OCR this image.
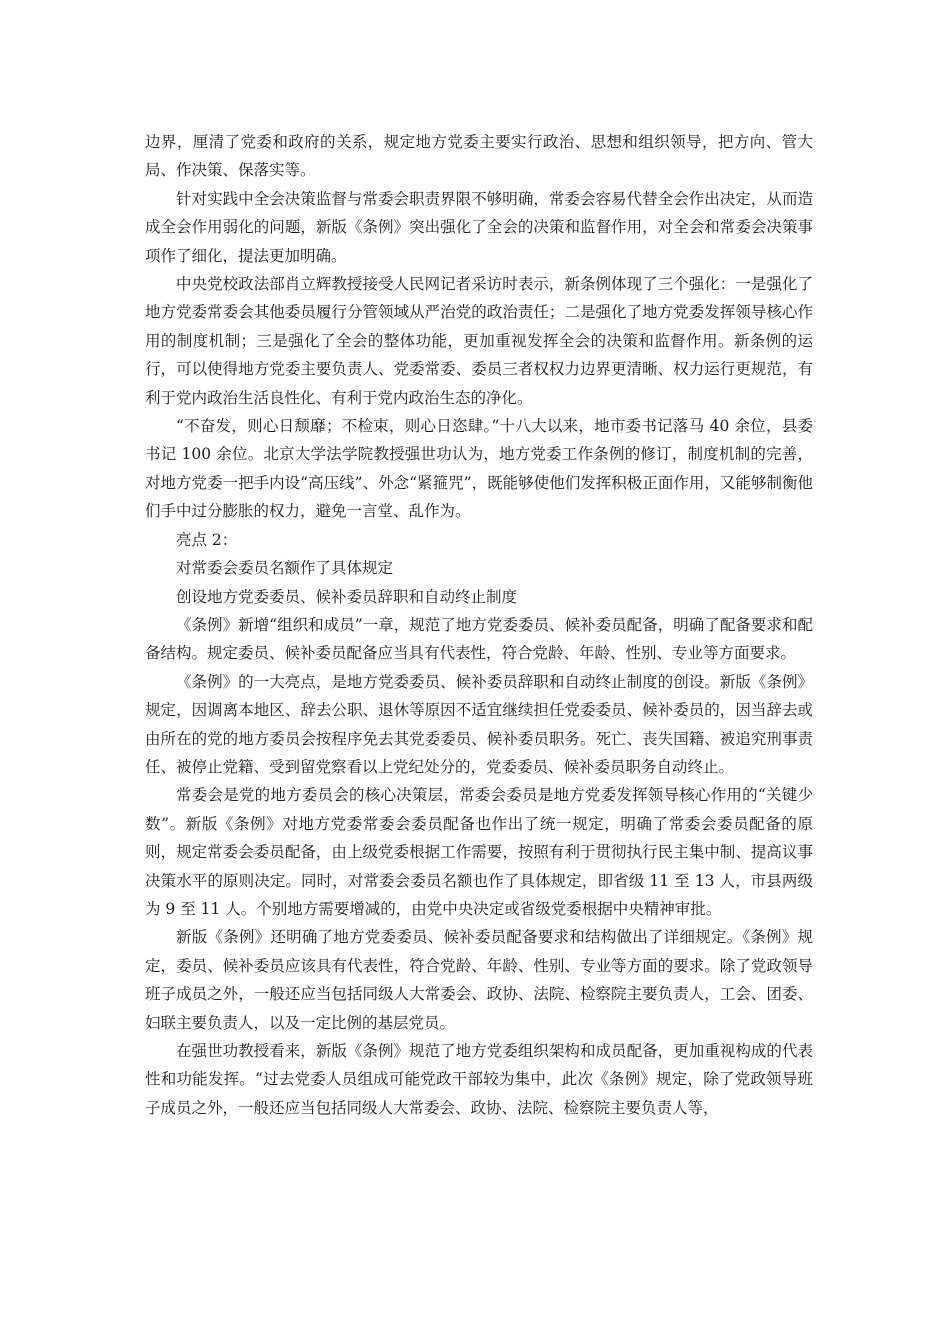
边界，厘清了党委和政府的关系，规定地方党委主要实行政治、思想和组织领导，把方向、管大局、作决策、保落实等。

针对实践中全会决策监督与常委会职责界限不够明确，常委会容易代替全会作出决定，从而造成全会作用弱化的问题，新版《条例》突出强化了全会的决策和监督作用，对全会和常委会决策事项作了细化，提法更加明确。

中央党校政法部肖立辉教授接受人民网记者采访时表示，新条例体现了三个强化：一是强化了地方党委常委会其他委员履行分管领域从严治党的政治责任；二是强化了地方党委发挥领导核心作用的制度机制；三是强化了全会的整体功能，更加重视发挥全会的决策和监督作用。新条例的运行，可以使得地方党委主要负责人、党委常委、委员三者权权力边界更清晰、权力运行更规范，有利于党内政治生活良性化、有利于党内政治生态的净化。

“不奋发，则心日颓靡；不检束，则心日恣肆。”十八大以来，地市委书记落马 40 余位，县委书记 100 余位。北京大学法学院教授强世功认为，地方党委工作条例的修订，制度机制的完善，对地方党委一把手内设“高压线”、外念“紧箍咒”，既能够使他们发挥积极正面作用，又能够制衡他们手中过分膨胀的权力，避免一言堂、乱作为。

亮点 2：

对常委会委员名额作了具体规定

创设地方党委委员、候补委员辞职和自动终止制度

《条例》新增“组织和成员”一章，规范了地方党委委员、候补委员配备，明确了配备要求和配备结构。规定委员、候补委员配备应当具有代表性，符合党龄、年龄、性别、专业等方面要求。

《条例》的一大亮点，是地方党委委员、候补委员辞职和自动终止制度的创设。新版《条例》规定，因调离本地区、辞去公职、退休等原因不适宜继续担任党委委员、候补委员的，因当辞去或由所在的党的地方委员会按程序免去其党委委员、候补委员职务。死亡、丧失国籍、被追究刑事责任、被停止党籍、受到留党察看以上党纪处分的，党委委员、候补委员职务自动终止。

常委会是党的地方委员会的核心决策层，常委会委员是地方党委发挥领导核心作用的“关键少数”。新版《条例》对地方党委常委会委员配备也作出了统一规定，明确了常委会委员配备的原则，规定常委会委员配备，由上级党委根据工作需要，按照有利于贯彻执行民主集中制、提高议事决策水平的原则决定。同时，对常委会委员名额也作了具体规定，即省级 11 至 13 人，市县两级为 9 至 11 人。个别地方需要增减的，由党中央决定或省级党委根据中央精神审批。

新版《条例》还明确了地方党委委员、候补委员配备要求和结构做出了详细规定。《条例》规定，委员、候补委员应该具有代表性，符合党龄、年龄、性别、专业等方面的要求。除了党政领导班子成员之外，一般还应当包括同级人大常委会、政协、法院、检察院主要负责人，工会、团委、妇联主要负责人，以及一定比例的基层党员。

在强世功教授看来，新版《条例》规范了地方党委组织架构和成员配备，更加重视构成的代表性和功能发挥。“过去党委人员组成可能党政干部较为集中，此次《条例》规定，除了党政领导班子成员之外，一般还应当包括同级人大常委会、政协、法院、检察院主要负责人等，
